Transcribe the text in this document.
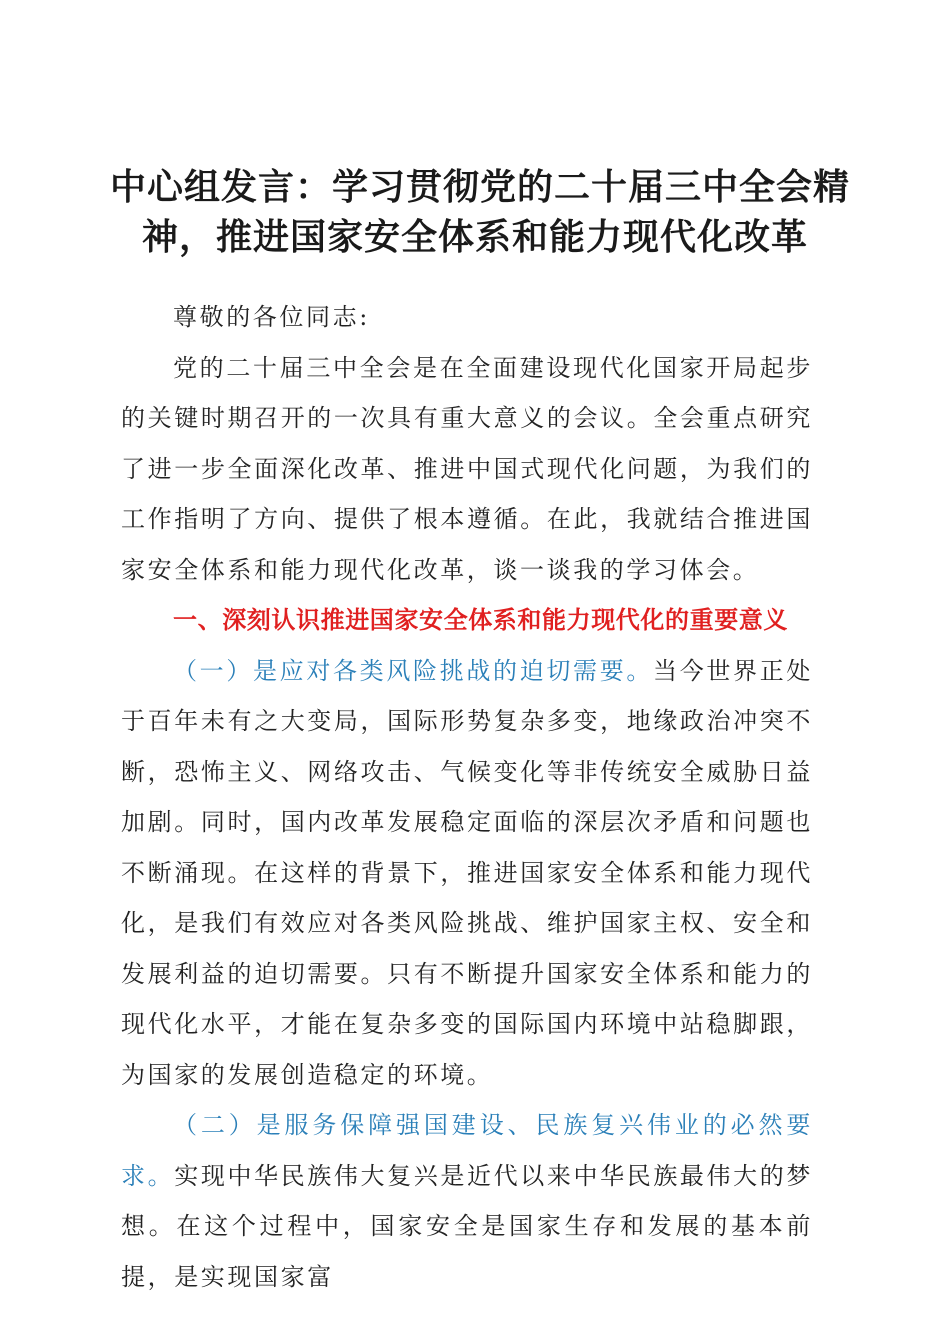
中心组发言：学习贯彻党的二十届三中全会精
神，推进国家安全体系和能力现代化改革

尊敬的各位同志:

党的二十届三中全会是在全面建设现代化国家开局起步的关键时期召开的一次具有重大意义的会议。全会重点研究了进一步全面深化改革、推进中国式现代化问题，为我们的工作指明了方向、提供了根本遵循。在此，我就结合推进国家安全体系和能力现代化改革，谈一谈我的学习体会。

一、深刻认识推进国家安全体系和能力现代化的重要意义

（一）是应对各类风险挑战的迫切需要。当今世界正处于百年未有之大变局，国际形势复杂多变，地缘政治冲突不断，恐怖主义、网络攻击、气候变化等非传统安全威胁日益加剧。同时，国内改革发展稳定面临的深层次矛盾和问题也不断涌现。在这样的背景下，推进国家安全体系和能力现代化，是我们有效应对各类风险挑战、维护国家主权、安全和发展利益的迫切需要。只有不断提升国家安全体系和能力的现代化水平，才能在复杂多变的国际国内环境中站稳脚跟，为国家的发展创造稳定的环境。

（二）是服务保障强国建设、民族复兴伟业的必然要求。实现中华民族伟大复兴是近代以来中华民族最伟大的梦想。在这个过程中，国家安全是国家生存和发展的基本前提，是实现国家富
